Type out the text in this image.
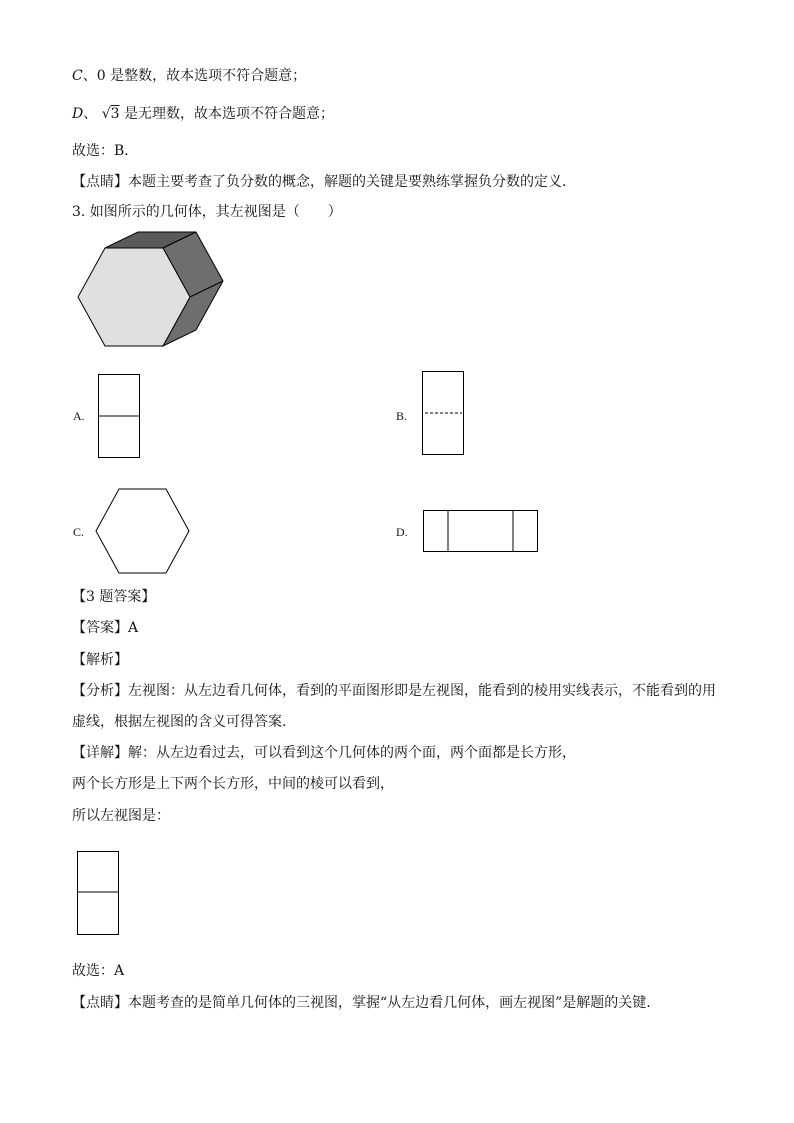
C、0 是整数，故本选项不符合题意；
D、 √3 是无理数，故本选项不符合题意；
故选：B．
【点睛】本题主要考查了负分数的概念，解题的关键是要熟练掌握负分数的定义．
3. 如图所示的几何体，其左视图是（　　）
A.	B.
C.	D.
【3 题答案】
【答案】A
【解析】
【分析】左视图：从左边看几何体，看到的平面图形即是左视图，能看到的棱用实线表示，不能看到的用
虚线，根据左视图的含义可得答案.
【详解】解：从左边看过去，可以看到这个几何体的两个面，两个面都是长方形，
两个长方形是上下两个长方形，中间的棱可以看到，
所以左视图是：
故选：A
【点睛】本题考查的是简单几何体的三视图，掌握“从左边看几何体，画左视图”是解题的关键.
